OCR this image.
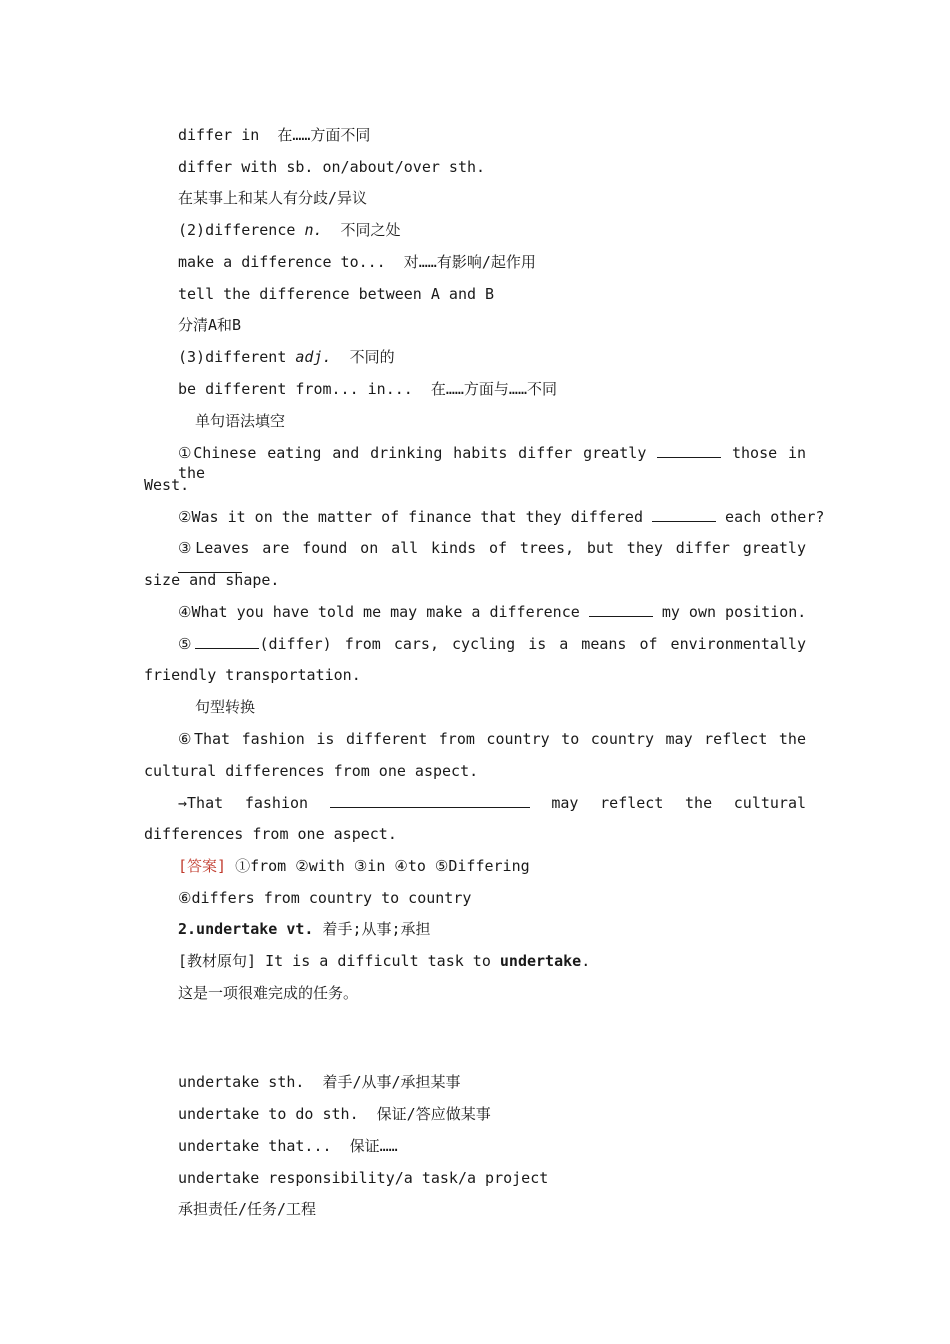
differ in  在……方面不同

differ with sb. on/about/over sth.

在某事上和某人有分歧/异议

(2)difference n.  不同之处

make a difference to...  对……有影响/起作用

tell the difference between A and B

分清A和B

(3)different adj.  不同的

be different from... in...  在……方面与……不同

单句语法填空

①Chinese eating and drinking habits differ greatly	those in the

West.

②Was it on the matter of finance that they differed	each other?

③Leaves are found on all kinds of trees, but they differ greatly

size and shape.

④What you have told me may make a difference	my own position.

⑤	(differ) from cars, cycling is a means of environmentally

friendly transportation.

句型转换

⑥That fashion is different from country to country may reflect the

cultural differences from one aspect.

→That fashion	may reflect the cultural

differences from one aspect.

[答案] ①from ②with ③in ④to ⑤Differing

⑥differs from country to country

2.undertake vt. 着手;从事;承担

[教材原句] It is a difficult task to undertake.

这是一项很难完成的任务。

undertake sth.  着手/从事/承担某事

undertake to do sth.  保证/答应做某事

undertake that...  保证……

undertake responsibility/a task/a project

承担责任/任务/工程
